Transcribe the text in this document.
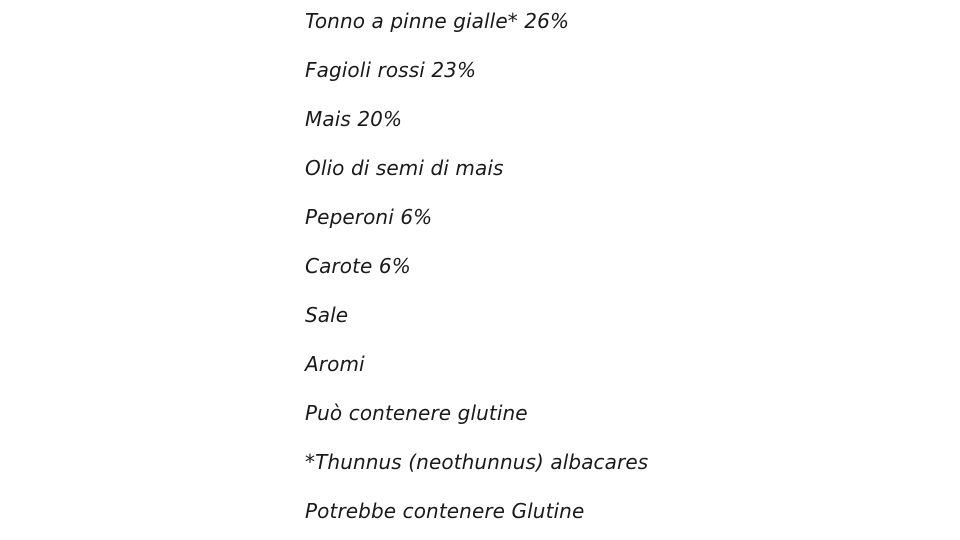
Tonno a pinne gialle* 26%
Fagioli rossi 23%
Mais 20%
Olio di semi di mais
Peperoni 6%
Carote 6%
Sale
Aromi
Può contenere glutine
*Thunnus (neothunnus) albacares
Potrebbe contenere Glutine
